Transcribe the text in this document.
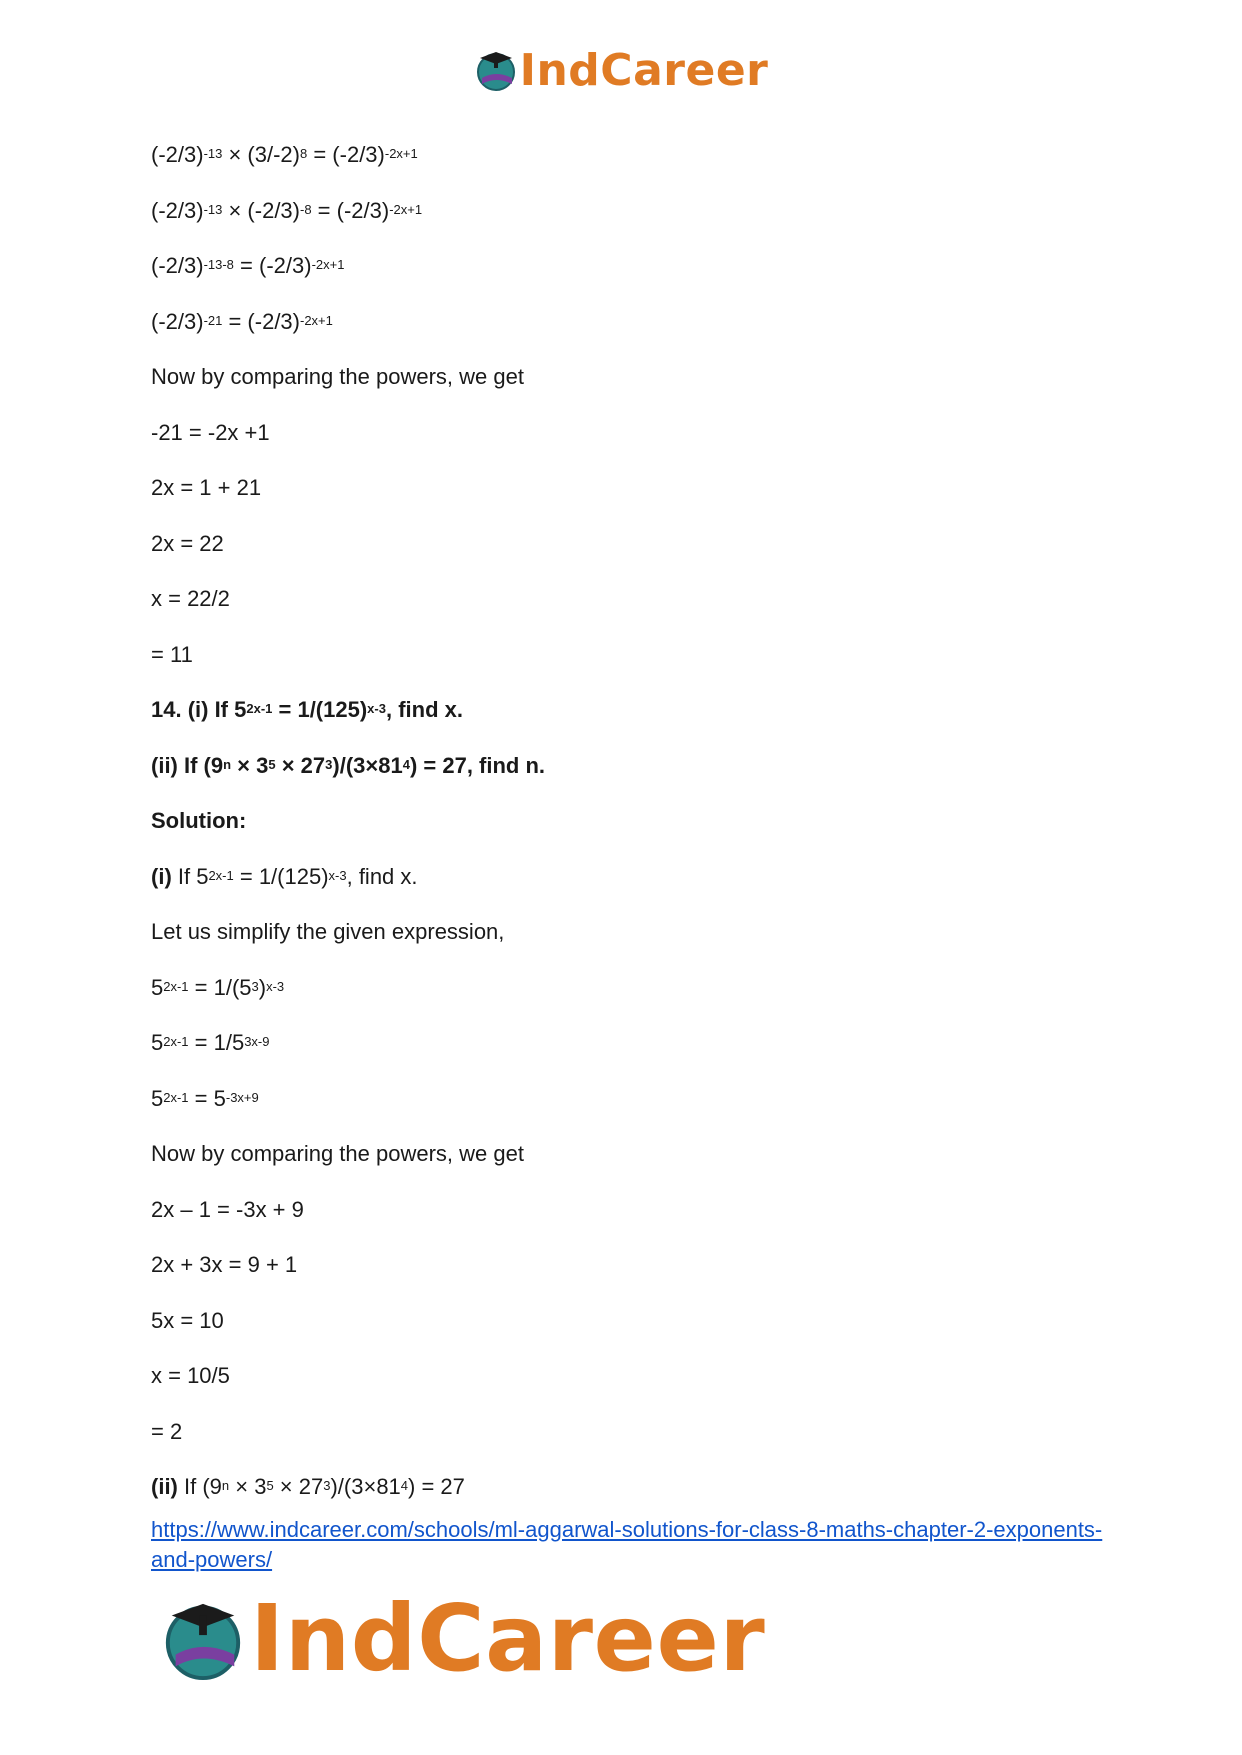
IndCareer
$(-2/3)^{-13} \times (3/-2)^8 = (-2/3)^{-2x+1}$
$(-2/3)^{-13} \times (-2/3)^{-8} = (-2/3)^{-2x+1}$
$(-2/3)^{-13-8} = (-2/3)^{-2x+1}$
$(-2/3)^{-21} = (-2/3)^{-2x+1}$
Now by comparing the powers, we get
-21 = -2x +1
2x = 1 + 21
2x = 22
x = 22/2
= 11
14. (i) If $5^{2x-1} = 1/(125)^{x-3}$, find x.
(ii) If $(9^n \times 3^5 \times 27^3)/(3\times 81^4) = 27$, find n.
Solution:
(i) If $5^{2x-1} = 1/(125)^{x-3}$, find x.
Let us simplify the given expression,
$5^{2x-1} = 1/(5^3)^{x-3}$
$5^{2x-1} = 1/5^{3x-9}$
$5^{2x-1} = 5^{-3x+9}$
Now by comparing the powers, we get
2x – 1 = -3x + 9
2x + 3x = 9 + 1
5x = 10
x = 10/5
= 2
(ii) If $(9^n \times 3^5 \times 27^3)/(3\times 81^4) = 27$
https://www.indcareer.com/schools/ml-aggarwal-solutions-for-class-8-maths-chapter-2-exponents-and-powers/
IndCareer
